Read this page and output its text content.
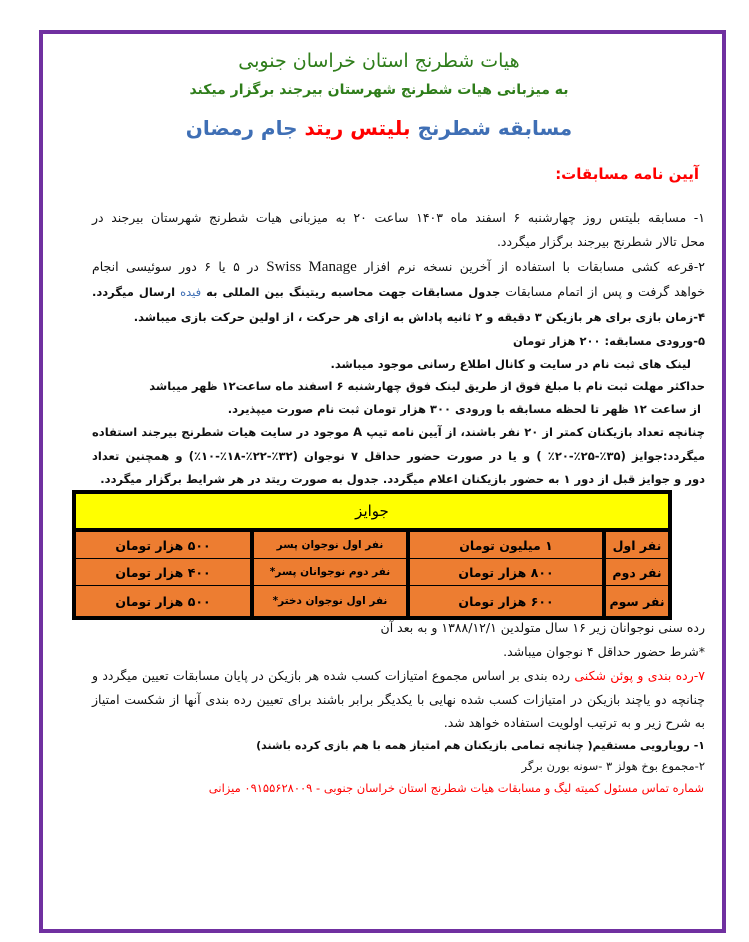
هیات شطرنج استان خراسان جنوبی
به میزبانی هیات شطرنج شهرستان بیرجند برگزار میکند
مسابقه شطرنج بلیتس ریتد جام رمضان
آیین نامه مسابقات:
۱- مسابقه بلیتس روز چهارشنبه ۶ اسفند ماه ۱۴۰۳ ساعت ۲۰ به میزبانی هیات شطرنج شهرستان بیرجند در
محل تالار شطرنج بیرجند برگزار میگردد.
۲-قرعه کشی مسابقات با استفاده از آخرین نسخه نرم افزار Swiss Manage در ۵ یا ۶ دور سوئیسی انجام
خواهد گرفت و پس از اتمام مسابقات جدول مسابقات جهت محاسبه ریتینگ بین المللی به فیده ارسال میگردد.
۴-زمان بازی برای هر بازیکن ۳ دقیقه و ۲ ثانیه پاداش به ازای هر حرکت ، از اولین حرکت بازی میباشد.
۵-ورودی مسابقه: ۲۰۰ هزار تومان
لینک های ثبت نام در سایت و کانال اطلاع رسانی موجود میباشد.
حداکثر مهلت ثبت نام با مبلغ فوق از طریق لینک فوق چهارشنبه ۶ اسفند ماه ساعت۱۲ ظهر میباشد
از ساعت ۱۲ ظهر تا لحظه مسابقه با ورودی ۳۰۰ هزار تومان ثبت نام صورت میپذیرد.
چنانچه تعداد بازیکنان کمتر از ۲۰ نفر باشند، از آیین نامه تیپ A موجود در سایت هیات شطرنج بیرجند استفاده
میگردد:جوایز (۳۵٪-۲۵٪-۲۰٪ ) و یا در صورت حضور حداقل ۷ نوجوان (۳۲٪-۲۲٪-۱۸٪-۱۰٪) و همچنین تعداد
دور و جوایز قبل از دور ۱ به حضور بازیکنان اعلام میگردد. جدول به صورت ریتد در هر شرایط برگزار میگردد.
جوایز			
نفر اول	۱ میلیون تومان	نفر اول نوجوان پسر	۵۰۰ هزار تومان
نفر دوم	۸۰۰ هزار تومان	نفر دوم نوجوانان پسر*	۴۰۰ هزار تومان
نفر سوم	۶۰۰ هزار تومان	نفر اول نوجوان دختر*	۵۰۰ هزار تومان
رده سنی نوجوانان زیر ۱۶ سال متولدین ۱۳۸۸/۱۲/۱ و به بعد آن
*شرط حضور حداقل ۴ نوجوان میباشد.
۷-رده بندی و پوئن شکنی رده بندی بر اساس مجموع امتیازات کسب شده هر بازیکن در پایان مسابقات تعیین میگردد و
چنانچه دو یاچند بازیکن در امتیازات کسب شده نهایی با یکدیگر برابر باشند برای تعیین رده بندی آنها از شکست امتیاز
به شرح زیر و به ترتیب اولویت استفاده خواهد شد.
۱- رویارویی مستقیم( چنانچه تمامی بازیکنان هم امتیاز همه با هم بازی کرده باشند)
۲-مجموع بوخ هولز ۳ -سونه بورن برگر
شماره تماس مسئول کمیته لیگ و مسابقات هیات شطرنج استان خراسان جنوبی - ۰۹۱۵۵۶۲۸۰۰۹ میزانی
